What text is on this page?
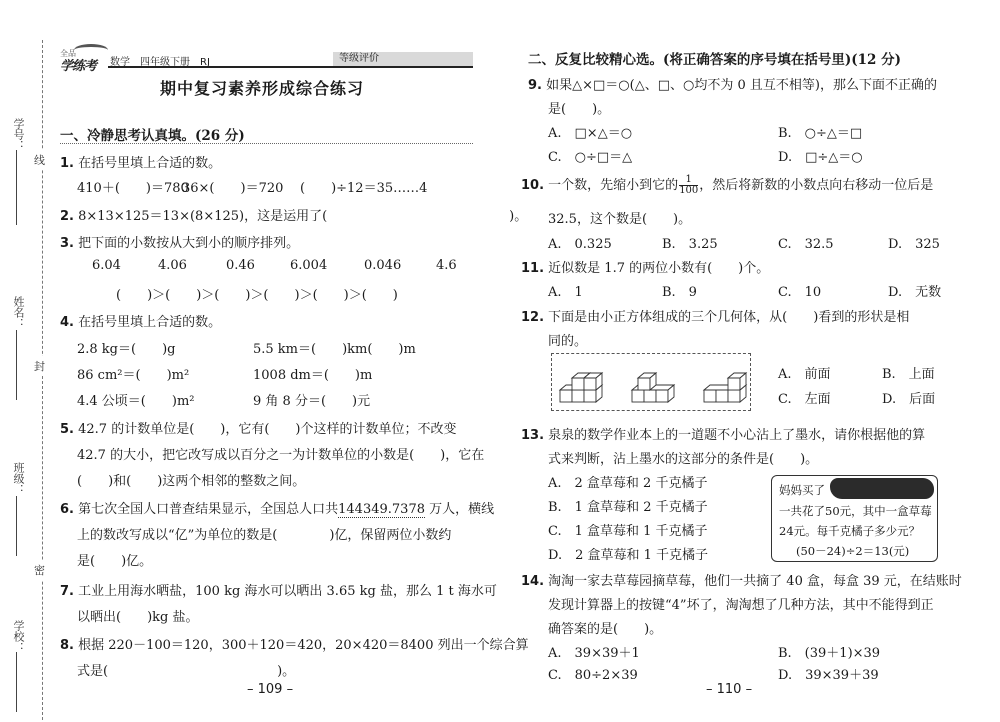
学号：
姓名：
班级：
学校：
线
封
密
全品
学练考 数学　四年级下册　RJ	等级评价
期中复习素养形成综合练习
一、冷静思考认真填。(26 分)
1. 在括号里填上合适的数。
410＋(　　)＝780
36×(　　)＝720 (　　)÷12＝35……4
2. 8×13×125＝13×(8×125)，这是运用了(　　　　　　　　　　　　　　)。
3. 把下面的小数按从大到小的顺序排列。
6.04	4.06	0.46	6.004	0.046	4.6
(　　)＞(　　)＞(　　)＞(　　)＞(　　)＞(　　)
4. 在括号里填上合适的数。
2.8 kg＝(　　)g	5.5 km＝(　　)km(　　)m
86 cm²＝(　　)m²	1008 dm＝(　　)m
4.4 公顷＝(　　)m²	9 角 8 分＝(　　)元
5. 42.7 的计数单位是(　　)，它有(　　)个这样的计数单位；不改变
42.7 的大小，把它改写成以百分之一为计数单位的小数是(　　)，它在
(　　)和(　　)这两个相邻的整数之间。
6. 第七次全国人口普查结果显示，全国总人口共144349.7378 万人，横线
上的数改写成以“亿”为单位的数是(　　　　)亿，保留两位小数约
是(　　)亿。
7. 工业上用海水晒盐，100 kg 海水可以晒出 3.65 kg 盐，那么 1 t 海水可
以晒出(　　)kg 盐。
8. 根据 220－100＝120，300＋120＝420，20×420＝8400 列出一个综合算
式是(　　　　　　　　　　　　　)。
– 109 –
二、反复比较精心选。(将正确答案的序号填在括号里)(12 分)
9. 如果△×□＝○(△、□、○均不为 0 且互不相等)，那么下面不正确的
是(　　)。
A.　□×△＝○	B.　○÷△＝□
C.　○÷□＝△	D.　□÷△＝○
10. 一个数，先缩小到它的 $\frac{1}{100}$ ，然后将新数的小数点向右移动一位后是
32.5，这个数是(　　)。
A.　0.325	B.　3.25	C.　32.5	D.　325
11. 近似数是 1.7 的两位小数有(　　)个。
A.　1	B.　9	C.　10	D.　无数
12. 下面是由小正方体组成的三个几何体，从(　　)看到的形状是相
同的。
A.　前面	B.　上面
C.　左面	D.　后面
13. 泉泉的数学作业本上的一道题不小心沾上了墨水，请你根据他的算
式来判断，沾上墨水的这部分的条件是(　　)。
A.　2 盒草莓和 2 千克橘子
B.　1 盒草莓和 2 千克橘子
C.　1 盒草莓和 1 千克橘子
D.　2 盒草莓和 1 千克橘子
妈妈买了
一共花了50元，其中一盒草莓
24元。每千克橘子多少元？
(50－24)÷2＝13(元)
14. 淘淘一家去草莓园摘草莓，他们一共摘了 40 盒，每盒 39 元，在结账时
发现计算器上的按键“4”坏了，淘淘想了几种方法，其中不能得到正
确答案的是(　　)。
A.　39×39＋1	B.　(39＋1)×39
C.　80÷2×39	D.　39×39＋39
– 110 –
